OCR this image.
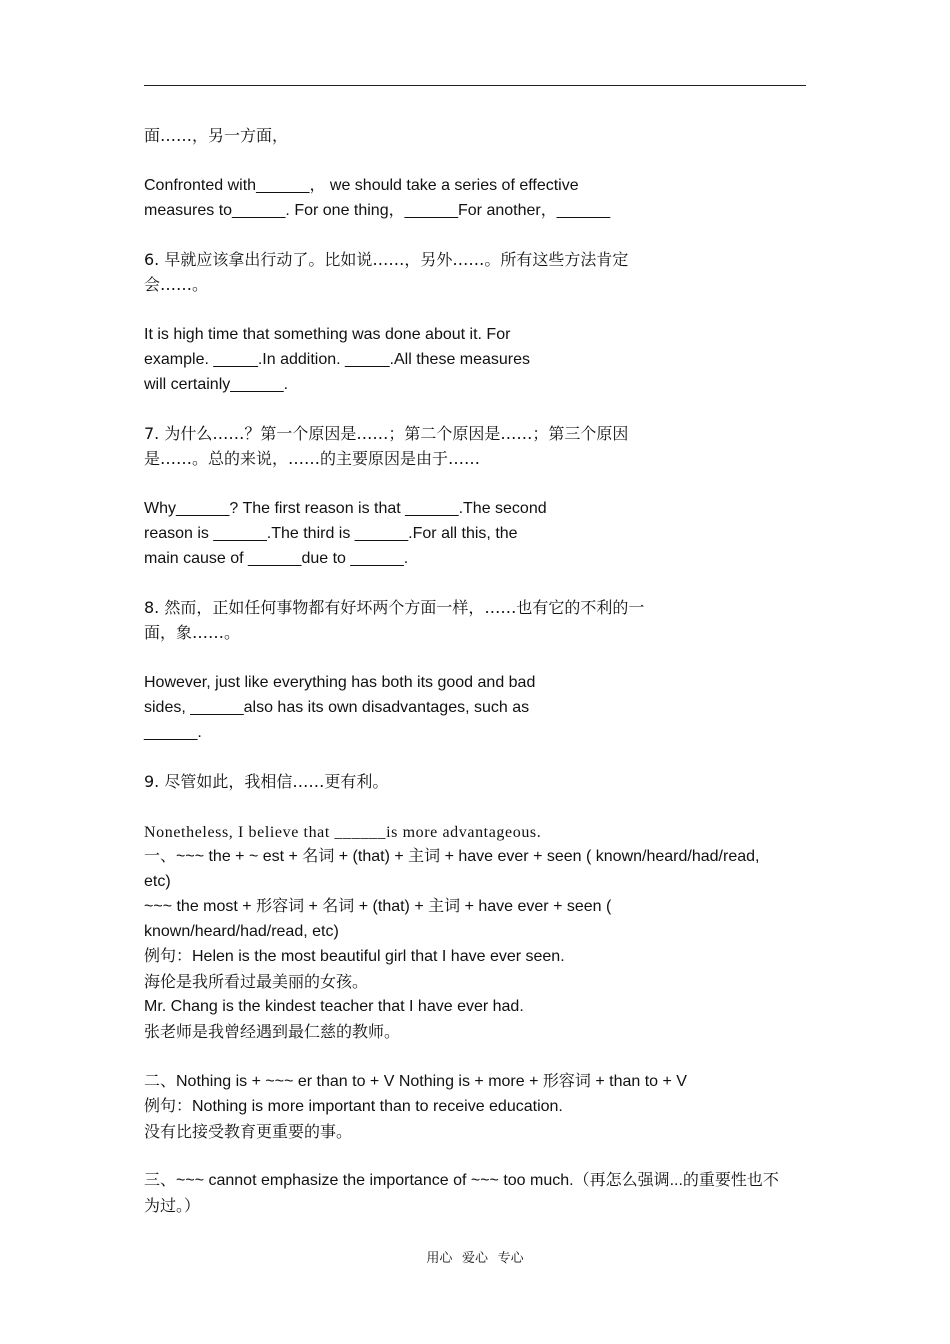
面……，另一方面，
Confronted with______， we should take a series of effective
measures to______. For one thing，______For another，______
6. 早就应该拿出行动了。比如说……，另外……。所有这些方法肯定
会……。
It is high time that something was done about it. For
example. _____.In addition. _____.All these measures
will certainly______.
7. 为什么……？第一个原因是……；第二个原因是……；第三个原因
是……。总的来说，……的主要原因是由于……
Why______? The first reason is that ______.The second
reason is ______.The third is ______.For all this, the
main cause of ______due to ______.
8. 然而，正如任何事物都有好坏两个方面一样，……也有它的不利的一
面，象……。
However, just like everything has both its good and bad
sides, ______also has its own disadvantages, such as
______.
9. 尽管如此，我相信……更有利。
Nonetheless, I believe that ______is more advantageous.
一、~~~ the + ~ est + 名词 + (that) + 主词 + have ever + seen ( known/heard/had/read,
etc)
~~~ the most + 形容词 + 名词 + (that) + 主词 + have ever + seen (
known/heard/had/read, etc)
例句：Helen is the most beautiful girl that I have ever seen.
海伦是我所看过最美丽的女孩。
Mr. Chang is the kindest teacher that I have ever had.
张老师是我曾经遇到最仁慈的教师。
二、Nothing is + ~~~ er than to + V Nothing is + more + 形容词 + than to + V
例句：Nothing is more important than to receive education.
没有比接受教育更重要的事。
三、~~~ cannot emphasize the importance of ~~~ too much.（再怎么强调...的重要性也不
为过。）
用心 爱心 专心
